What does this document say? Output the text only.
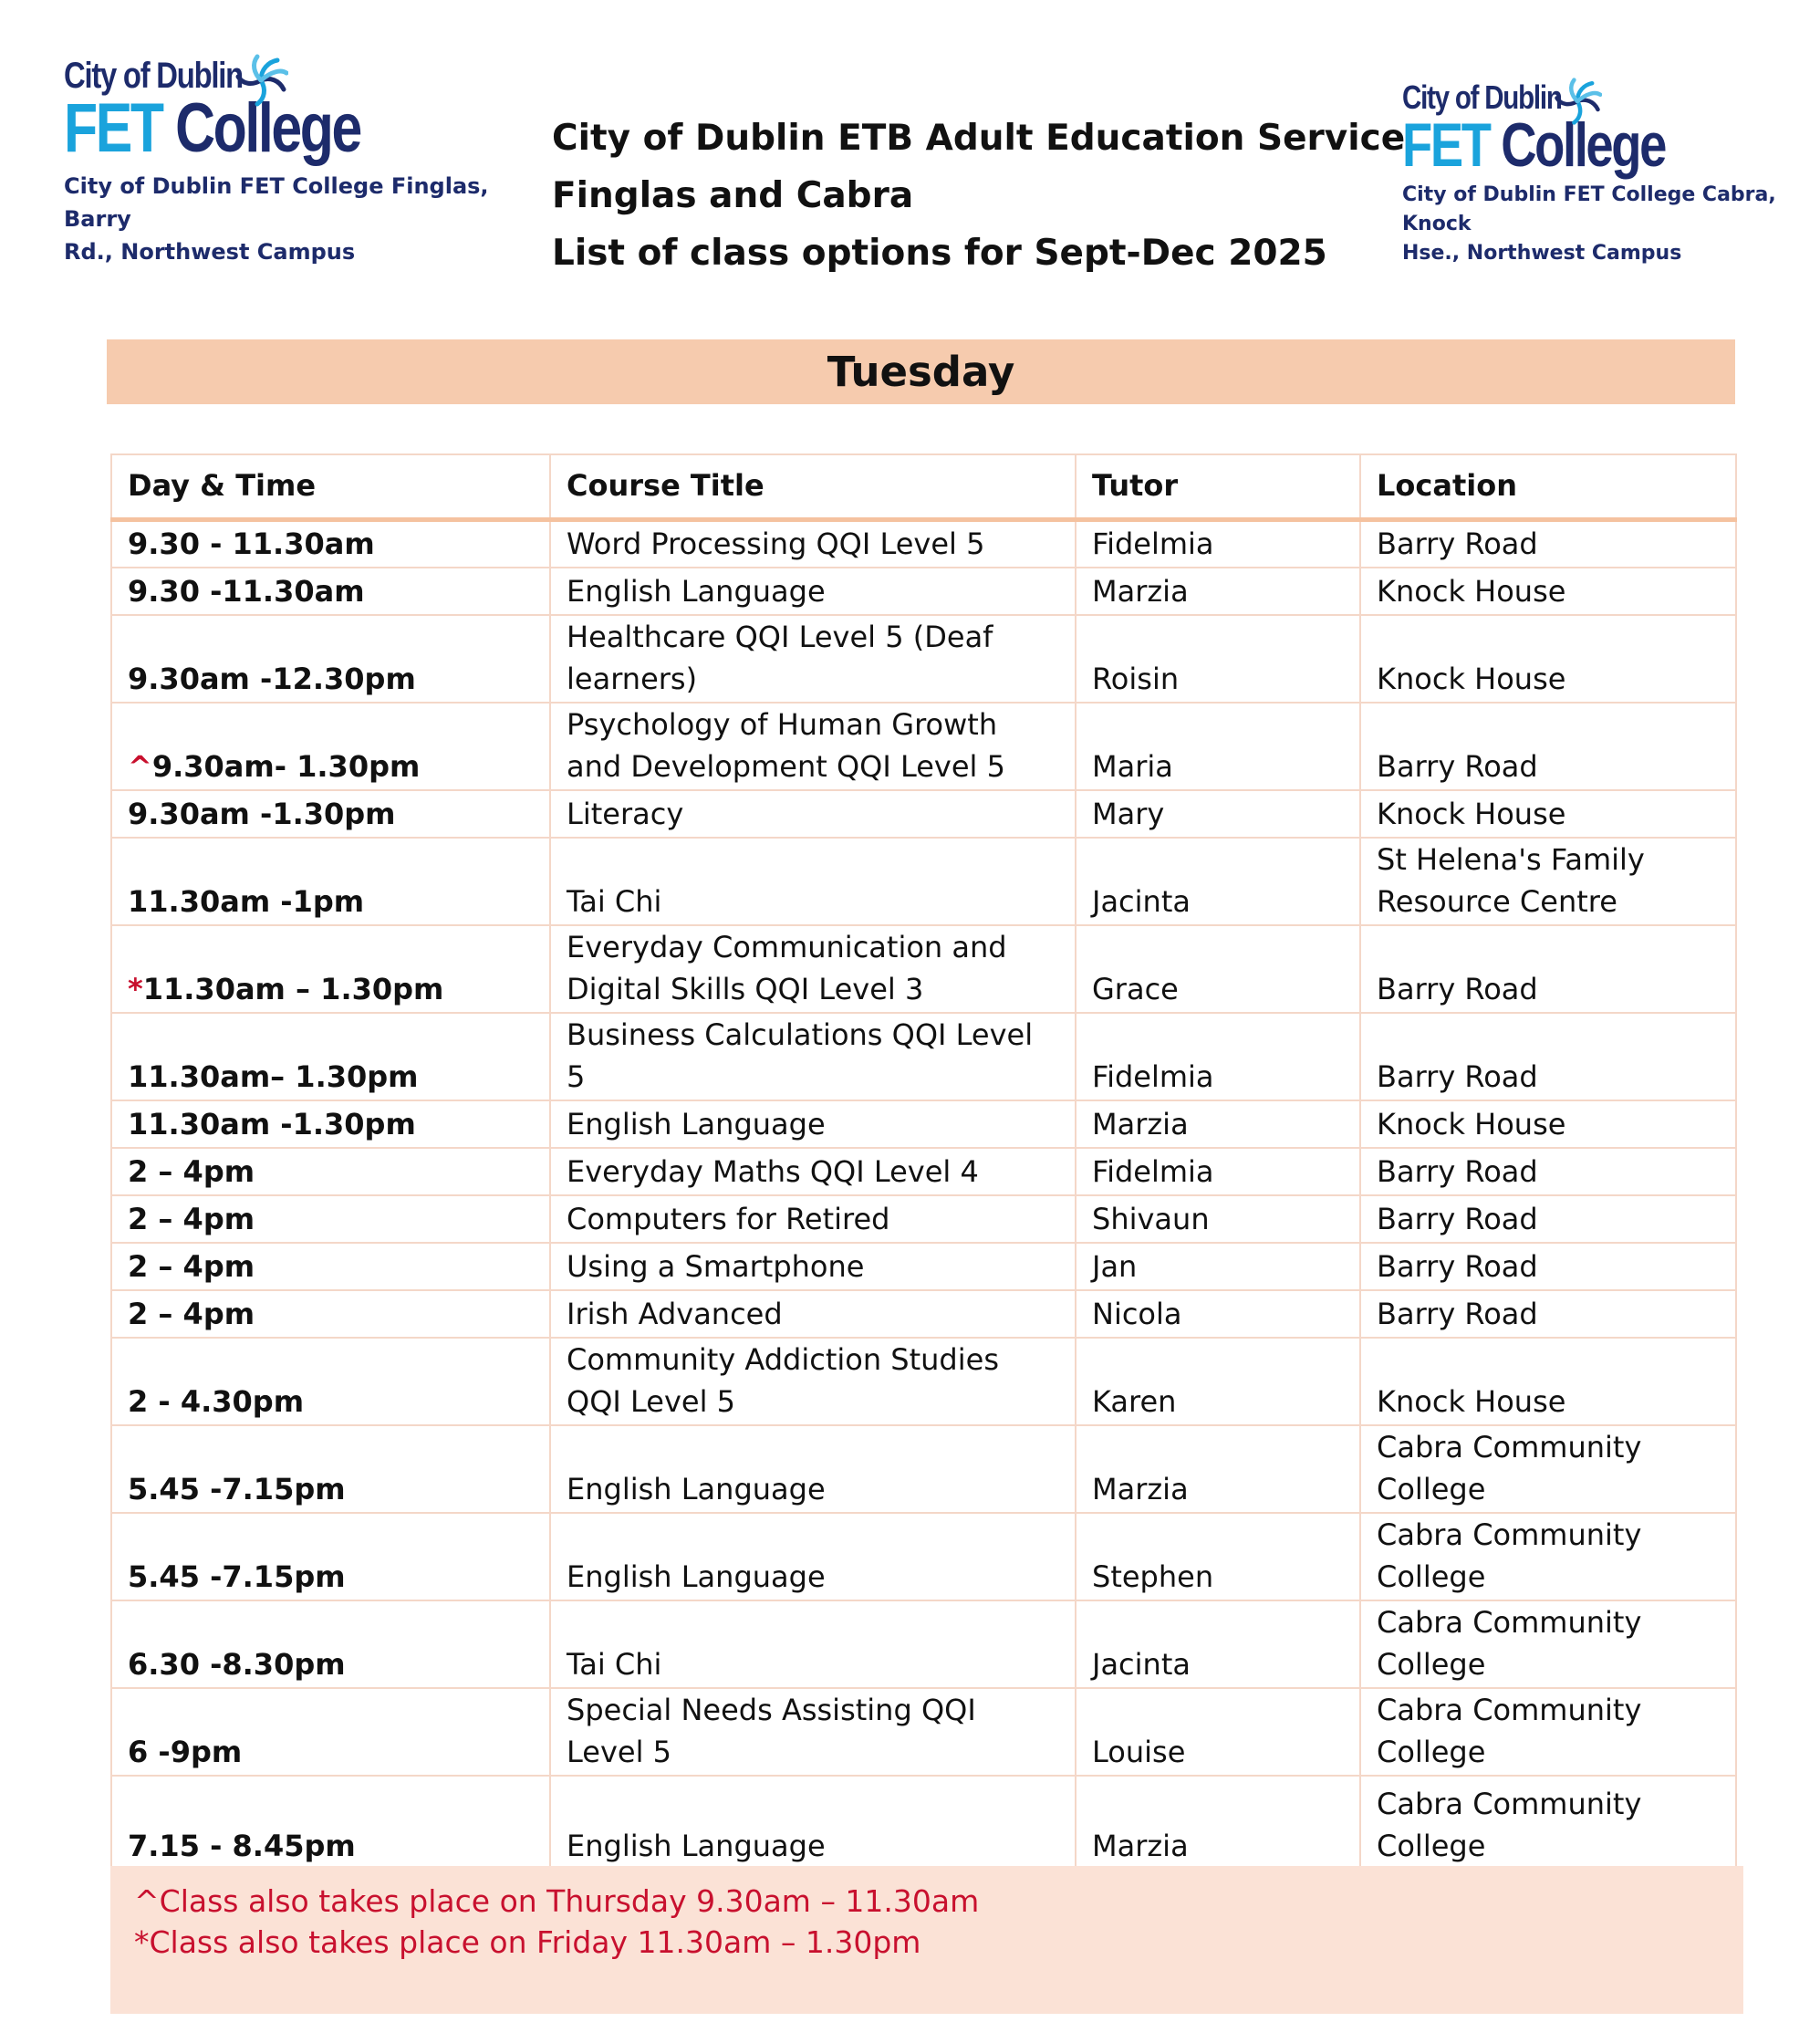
City of Dublin
FET College
City of Dublin FET College Finglas, Barry
Rd., Northwest Campus
City of Dublin ETB Adult Education Service
Finglas and Cabra
List of class options for Sept-Dec 2025
City of Dublin
FET College
City of Dublin FET College Cabra, Knock
Hse., Northwest Campus
Tuesday
Day & Time	Course Title	Tutor	Location
9.30 - 11.30am	Word Processing QQI Level 5	Fidelmia	Barry Road
9.30 -11.30am	English Language	Marzia	Knock House
9.30am -12.30pm	Healthcare QQI Level 5 (Deaf learners)	Roisin	Knock House
^9.30am- 1.30pm	Psychology of Human Growth and Development QQI Level 5	Maria	Barry Road
9.30am -1.30pm	Literacy	Mary	Knock House
11.30am -1pm	Tai Chi	Jacinta	St Helena's Family Resource Centre
*11.30am – 1.30pm	Everyday Communication and Digital Skills QQI Level 3	Grace	Barry Road
11.30am– 1.30pm	Business Calculations QQI Level 5	Fidelmia	Barry Road
11.30am -1.30pm	English Language	Marzia	Knock House
2 – 4pm	Everyday Maths QQI Level 4	Fidelmia	Barry Road
2 – 4pm	Computers for Retired	Shivaun	Barry Road
2 – 4pm	Using a Smartphone	Jan	Barry Road
2 – 4pm	Irish Advanced	Nicola	Barry Road
2 - 4.30pm	Community Addiction Studies QQI Level 5	Karen	Knock House
5.45 -7.15pm	English Language	Marzia	Cabra Community College
5.45 -7.15pm	English Language	Stephen	Cabra Community College
6.30 -8.30pm	Tai Chi	Jacinta	Cabra Community College
6 -9pm	Special Needs Assisting QQI Level 5	Louise	Cabra Community College
7.15 - 8.45pm	English Language	Marzia	Cabra Community College
^Class also takes place on Thursday 9.30am – 11.30am
*Class also takes place on Friday 11.30am – 1.30pm
